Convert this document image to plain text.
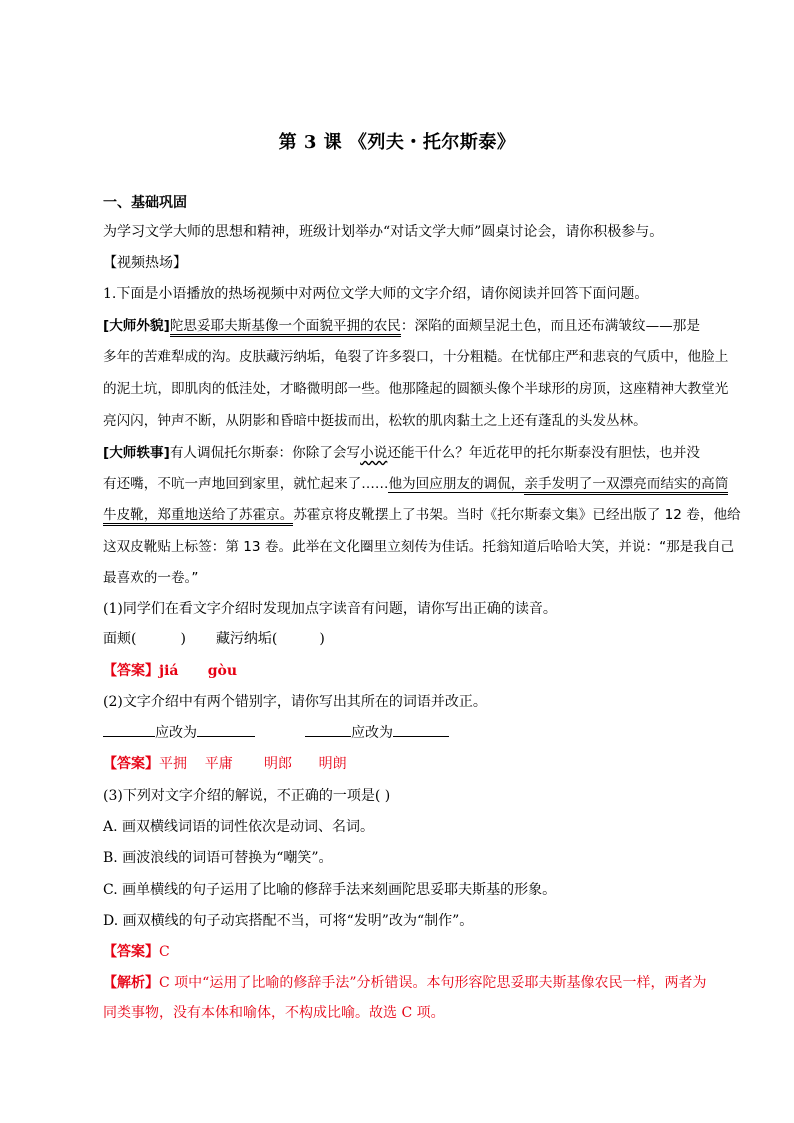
第 3 课 《列夫・托尔斯泰》
一、基础巩固
为学习文学大师的思想和精神，班级计划举办“对话文学大师”圆桌讨论会，请你积极参与。
【视频热场】
1.下面是小语播放的热场视频中对两位文学大师的文字介绍，请你阅读并回答下面问题。
[大师外貌]陀思妥耶夫斯基像一个面貌平拥的农民：深陷的面颊呈泥土色，而且还布满皱纹——那是
多年的苦难犁成的沟。皮肤藏污纳垢，龟裂了许多裂口，十分粗糙。在忧郁庄严和悲哀的气质中，他脸上
的泥土坑，即肌肉的低洼处，才略微明郎一些。他那隆起的圆额头像个半球形的房顶，这座精神大教堂光
亮闪闪，钟声不断，从阴影和昏暗中挺拔而出，松软的肌肉黏土之上还有蓬乱的头发丛林。
[大师轶事]有人调侃托尔斯泰：你除了会写小说还能干什么？年近花甲的托尔斯泰没有胆怯，也并没
有还嘴，不吭一声地回到家里，就忙起来了……他为回应朋友的调侃，亲手发明了一双漂亮而结实的高筒
牛皮靴，郑重地送给了苏霍京。苏霍京将皮靴摆上了书架。当时《托尔斯泰文集》已经出版了 12 卷，他给
这双皮靴贴上标签：第 13 卷。此举在文化圈里立刻传为佳话。托翁知道后哈哈大笑，并说：“那是我自己
最喜欢的一卷。”
(1)同学们在看文字介绍时发现加点字读音有问题，请你写出正确的读音。
面颊(	) 藏污纳垢(	)
【答案】jiá      gòu
(2)文字介绍中有两个错别字，请你写出其所在的词语并改正。
应改为	应改为
【答案】平拥    平庸       明郎      明朗
(3)下列对文字介绍的解说，不正确的一项是( )
A. 画双横线词语的词性依次是动词、名词。
B. 画波浪线的词语可替换为“嘲笑”。
C. 画单横线的句子运用了比喻的修辞手法来刻画陀思妥耶夫斯基的形象。
D. 画双横线的句子动宾搭配不当，可将“发明”改为“制作”。
【答案】C
【解析】C 项中“运用了比喻的修辞手法”分析错误。本句形容陀思妥耶夫斯基像农民一样，两者为
同类事物，没有本体和喻体，不构成比喻。故选 C 项。
